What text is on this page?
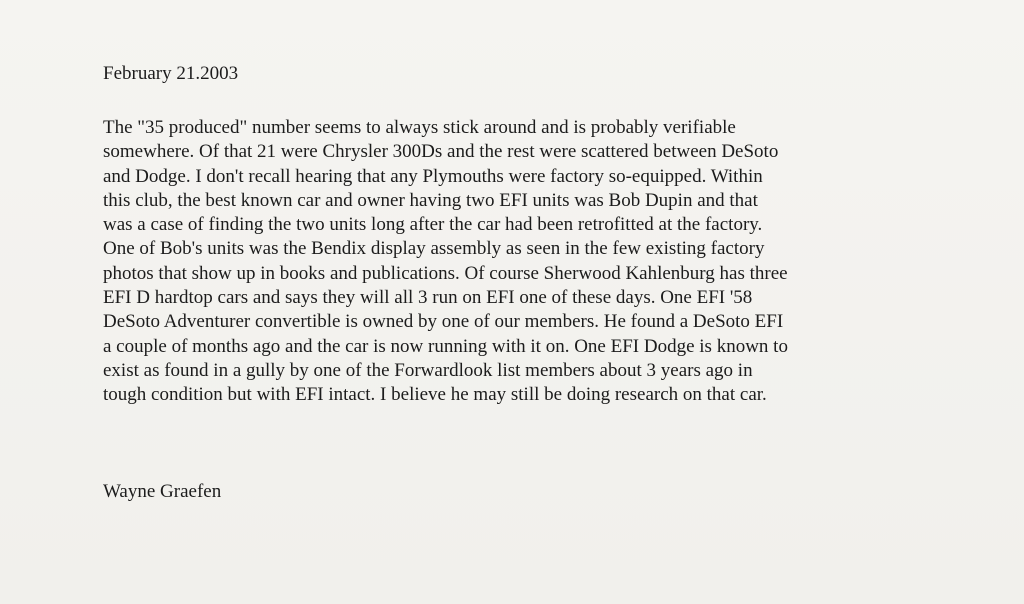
February 21.2003
The "35 produced" number seems to always stick around and is probably verifiable
somewhere. Of that 21 were Chrysler 300Ds and the rest were scattered between DeSoto
and Dodge. I don't recall hearing that any Plymouths were factory so-equipped. Within
this club, the best known car and owner having two EFI units was Bob Dupin and that
was a case of finding the two units long after the car had been retrofitted at the factory.
One of Bob's units was the Bendix display assembly as seen in the few existing factory
photos that show up in books and publications. Of course Sherwood Kahlenburg has three
EFI D hardtop cars and says they will all 3 run on EFI one of these days. One EFI '58
DeSoto Adventurer convertible is owned by one of our members. He found a DeSoto EFI
a couple of months ago and the car is now running with it on. One EFI Dodge is known to
exist as found in a gully by one of the Forwardlook list members about 3 years ago in
tough condition but with EFI intact. I believe he may still be doing research on that car.
Wayne Graefen
